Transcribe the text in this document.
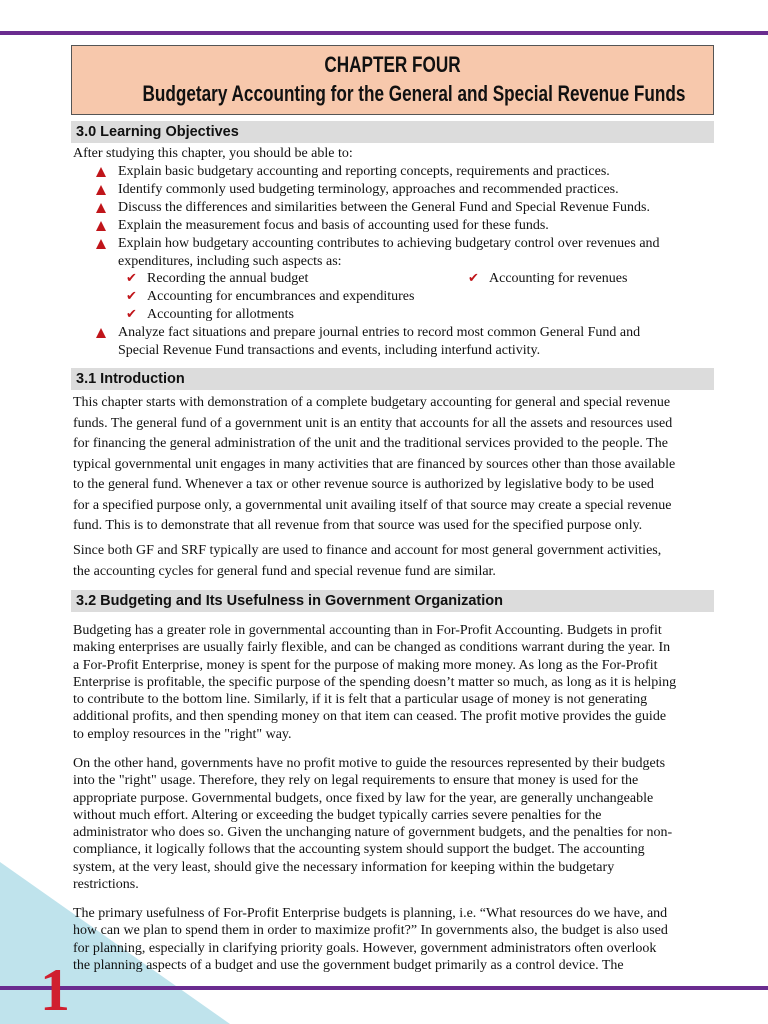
CHAPTER FOUR
Budgetary Accounting for the General and Special Revenue Funds
3.0 Learning Objectives
After studying this chapter, you should be able to:
Explain basic budgetary accounting and reporting concepts, requirements and practices.
Identify commonly used budgeting terminology, approaches and recommended practices.
Discuss the differences and similarities between the General Fund and Special Revenue Funds.
Explain the measurement focus and basis of accounting used for these funds.
Explain how budgetary accounting contributes to achieving budgetary control over revenues and
expenditures, including such aspects as:
✔ Recording the annual budget	✔ Accounting for revenues
✔ Accounting for encumbrances and expenditures
✔ Accounting for allotments
Analyze fact situations and prepare journal entries to record most common General Fund and
Special Revenue Fund transactions and events, including interfund activity.
3.1 Introduction
This chapter starts with demonstration of a complete budgetary accounting for general and special revenue
funds. The general fund of a government unit is an entity that accounts for all the assets and resources used
for financing the general administration of the unit and the traditional services provided to the people. The
typical governmental unit engages in many activities that are financed by sources other than those available
to the general fund. Whenever a tax or other revenue source is authorized by legislative body to be used
for a specified purpose only, a governmental unit availing itself of that source may create a special revenue
fund. This is to demonstrate that all revenue from that source was used for the specified purpose only.
Since both GF and SRF typically are used to finance and account for most general government activities,
the accounting cycles for general fund and special revenue fund are similar.
3.2 Budgeting and Its Usefulness in Government Organization
Budgeting has a greater role in governmental accounting than in For-Profit Accounting. Budgets in profit
making enterprises are usually fairly flexible, and can be changed as conditions warrant during the year. In
a For-Profit Enterprise, money is spent for the purpose of making more money. As long as the For-Profit
Enterprise is profitable, the specific purpose of the spending doesn’t matter so much, as long as it is helping
to contribute to the bottom line. Similarly, if it is felt that a particular usage of money is not generating
additional profits, and then spending money on that item can ceased. The profit motive provides the guide
to employ resources in the "right" way.
On the other hand, governments have no profit motive to guide the resources represented by their budgets
into the "right" usage. Therefore, they rely on legal requirements to ensure that money is used for the
appropriate purpose. Governmental budgets, once fixed by law for the year, are generally unchangeable
without much effort. Altering or exceeding the budget typically carries severe penalties for the
administrator who does so. Given the unchanging nature of government budgets, and the penalties for non-
compliance, it logically follows that the accounting system should support the budget. The accounting
system, at the very least, should give the necessary information for keeping within the budgetary
restrictions.
The primary usefulness of For-Profit Enterprise budgets is planning, i.e. “What resources do we have, and
how can we plan to spend them in order to maximize profit?” In governments also, the budget is also used
for planning, especially in clarifying priority goals. However, government administrators often overlook
the planning aspects of a budget and use the government budget primarily as a control device. The
1
